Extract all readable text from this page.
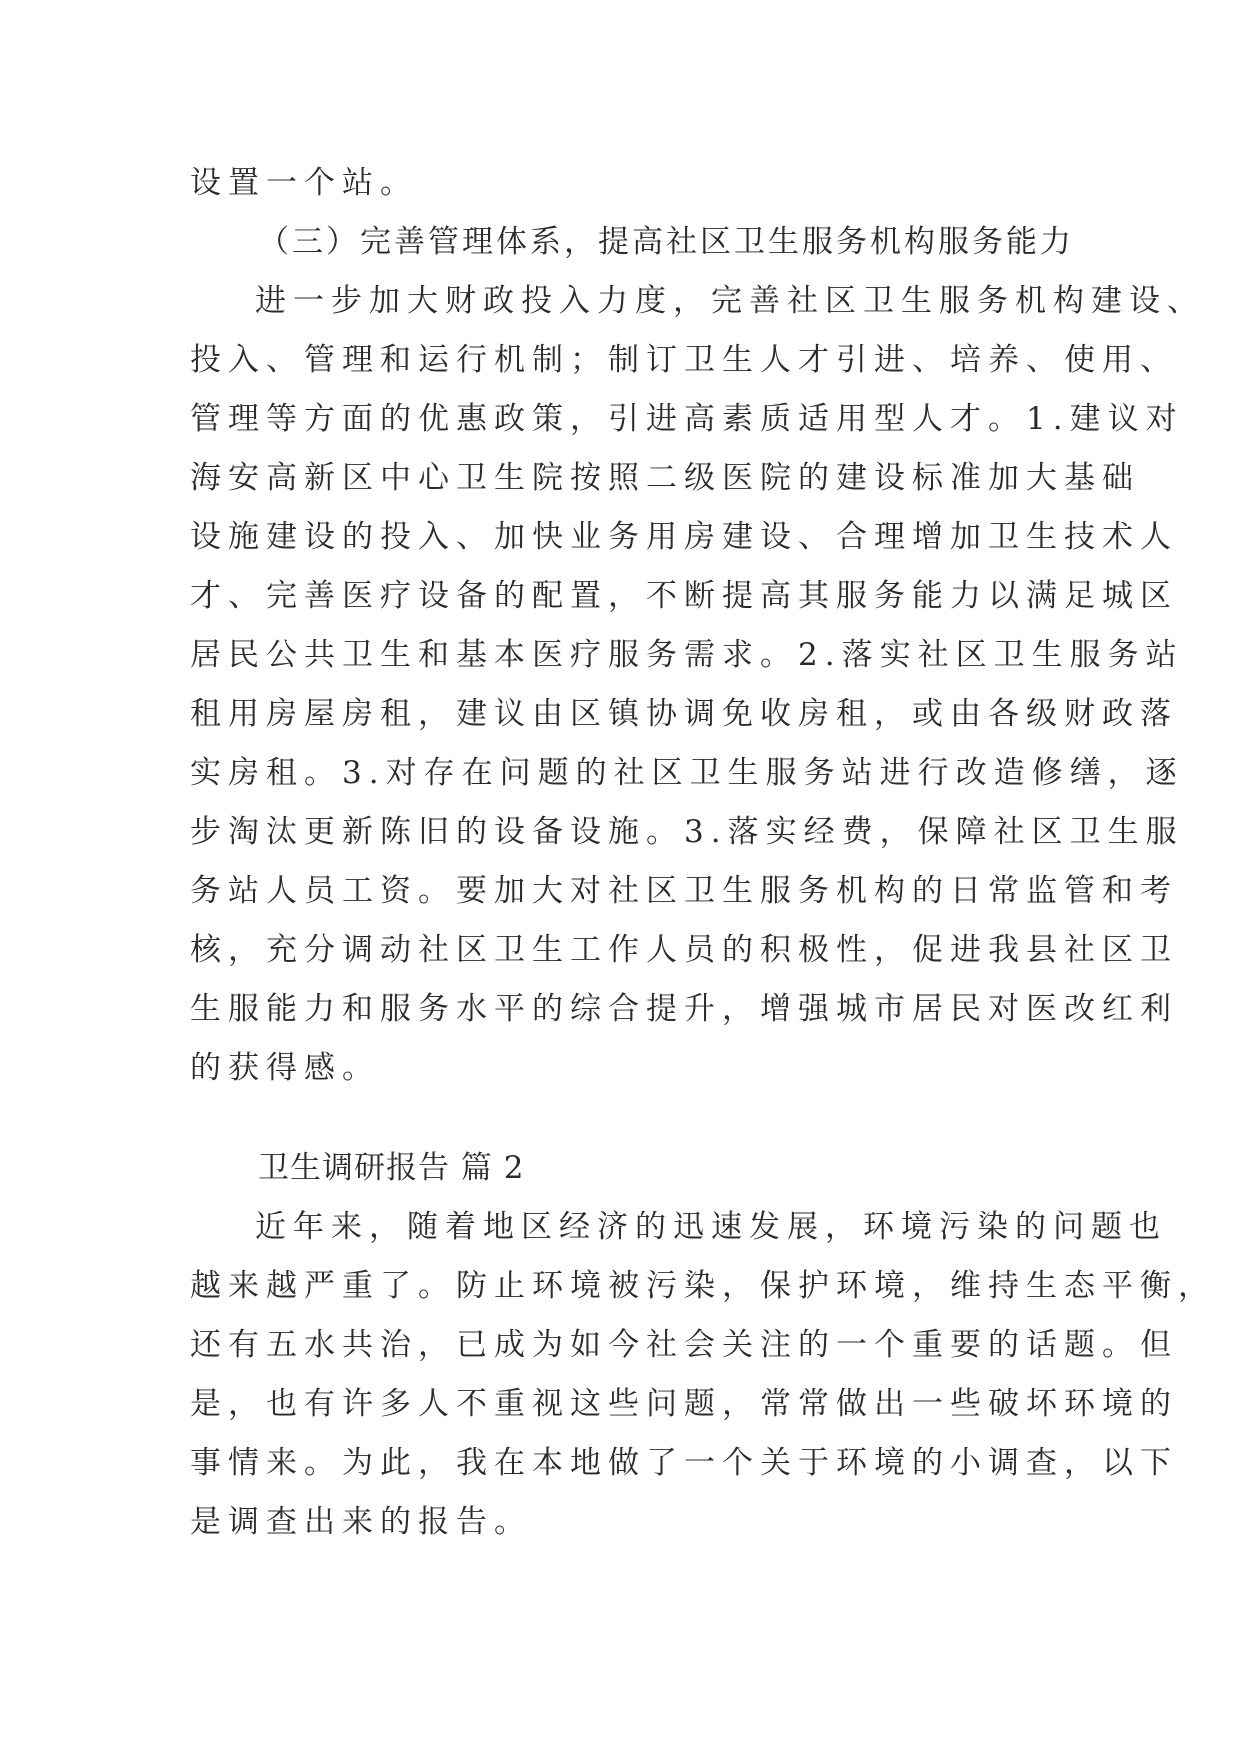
设置一个站。
（三）完善管理体系，提高社区卫生服务机构服务能力
进一步加大财政投入力度，完善社区卫生服务机构建设、
投入、管理和运行机制；制订卫生人才引进、培养、使用、
管理等方面的优惠政策，引进高素质适用型人才。1.建议对
海安高新区中心卫生院按照二级医院的建设标准加大基础
设施建设的投入、加快业务用房建设、合理增加卫生技术人
才、完善医疗设备的配置，不断提高其服务能力以满足城区
居民公共卫生和基本医疗服务需求。2.落实社区卫生服务站
租用房屋房租，建议由区镇协调免收房租，或由各级财政落
实房租。3.对存在问题的社区卫生服务站进行改造修缮，逐
步淘汰更新陈旧的设备设施。3.落实经费，保障社区卫生服
务站人员工资。要加大对社区卫生服务机构的日常监管和考
核，充分调动社区卫生工作人员的积极性，促进我县社区卫
生服能力和服务水平的综合提升，增强城市居民对医改红利
的获得感。
卫生调研报告 篇 2
近年来，随着地区经济的迅速发展，环境污染的问题也
越来越严重了。防止环境被污染，保护环境，维持生态平衡，
还有五水共治，已成为如今社会关注的一个重要的话题。但
是，也有许多人不重视这些问题，常常做出一些破坏环境的
事情来。为此，我在本地做了一个关于环境的小调查，以下
是调查出来的报告。
